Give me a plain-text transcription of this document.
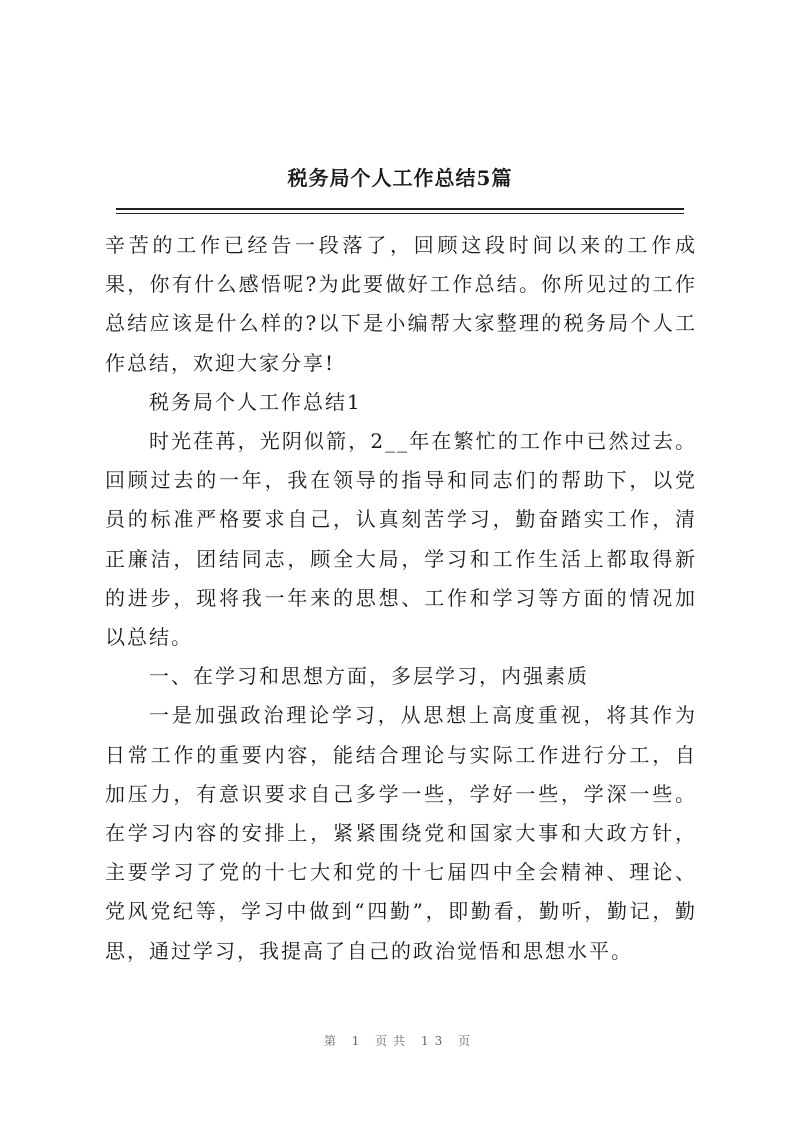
税务局个人工作总结5篇

辛苦的工作已经告一段落了，回顾这段时间以来的工作成果，你有什么感悟呢?为此要做好工作总结。你所见过的工作总结应该是什么样的?以下是小编帮大家整理的税务局个人工作总结，欢迎大家分享!

税务局个人工作总结1

时光荏苒，光阴似箭，2__年在繁忙的工作中已然过去。回顾过去的一年，我在领导的指导和同志们的帮助下，以党员的标准严格要求自己，认真刻苦学习，勤奋踏实工作，清正廉洁，团结同志，顾全大局，学习和工作生活上都取得新的进步，现将我一年来的思想、工作和学习等方面的情况加以总结。

一、在学习和思想方面，多层学习，内强素质

一是加强政治理论学习，从思想上高度重视，将其作为日常工作的重要内容，能结合理论与实际工作进行分工，自加压力，有意识要求自己多学一些，学好一些，学深一些。在学习内容的安排上，紧紧围绕党和国家大事和大政方针，主要学习了党的十七大和党的十七届四中全会精神、理论、党风党纪等，学习中做到“四勤”，即勤看，勤听，勤记，勤思，通过学习，我提高了自己的政治觉悟和思想水平。

第 1 页共 13 页
